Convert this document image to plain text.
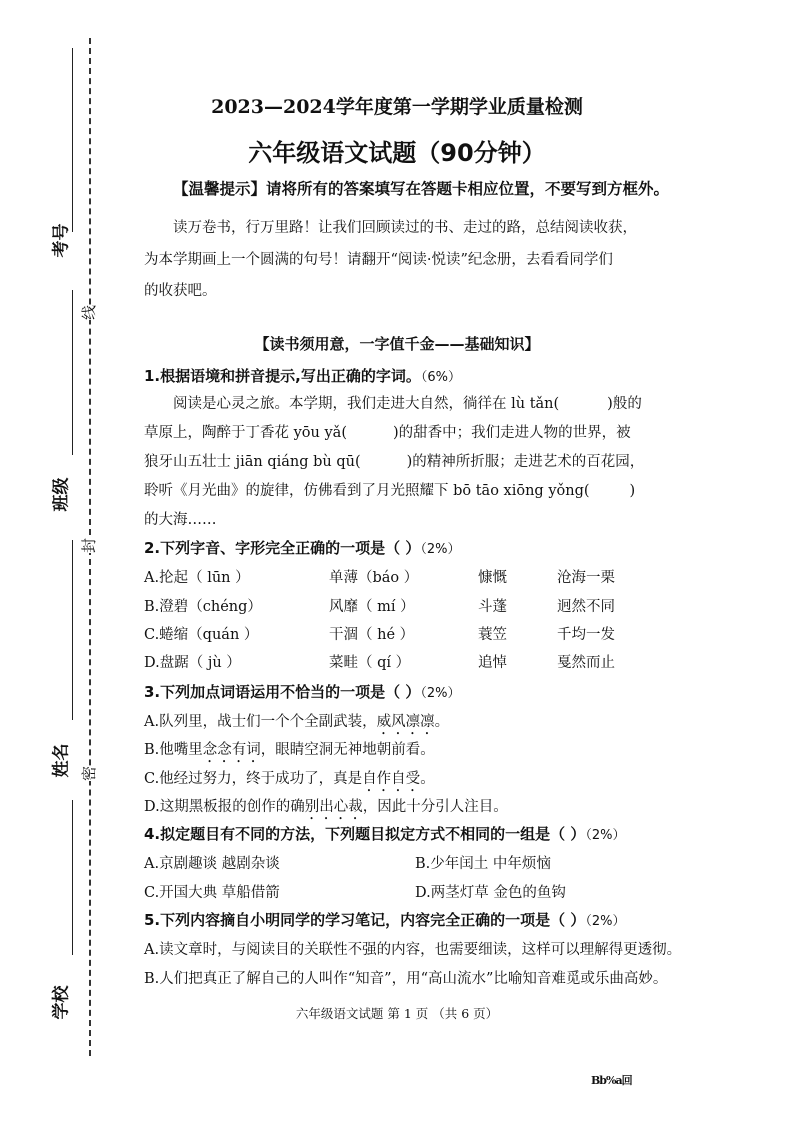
考号
班级
姓名
学校
线
封
密
2023—2024学年度第一学期学业质量检测
六年级语文试题（90分钟）
【温馨提示】请将所有的答案填写在答题卡相应位置，不要写到方框外。
读万卷书，行万里路！让我们回顾读过的书、走过的路，总结阅读收获，
为本学期画上一个圆满的句号！请翻开“阅读·悦读”纪念册，去看看同学们
的收获吧。
【读书须用意，一字值千金——基础知识】
1.根据语境和拼音提示,写出正确的字词。（6%）
阅读是心灵之旅。本学期，我们走进大自然，徜徉在 lù tǎn(	)般的
草原上，陶醉于丁香花 yōu yǎ(	)的甜香中；我们走进人物的世界，被
狼牙山五壮士 jiān qiáng bù qū(	)的精神所折服；走进艺术的百花园，
聆听《月光曲》的旋律，仿佛看到了月光照耀下 bō tāo xiōng yǒng(	)
的大海……
2.下列字音、字形完全正确的一项是（ ）（2%）
A.抡起（ lūn ）	单薄（báo ）	慷慨	沧海一栗
B.澄碧（chéng）	风靡（ mí ）	斗蓬	迥然不同
C.蜷缩（quán ）	干涸（ hé ）	蓑笠	千均一发
D.盘踞（ jù ）	菜畦（ qí ）	追悼	戛然而止
3.下列加点词语运用不恰当的一项是（ ）（2%）
A.队列里，战士们一个个全副武装，威风凛凛。
B.他嘴里念念有词，眼睛空洞无神地朝前看。
C.他经过努力，终于成功了，真是自作自受。
D.这期黑板报的创作的确别出心裁，因此十分引人注目。
4.拟定题目有不同的方法，下列题目拟定方式不相同的一组是（ ）（2%）
A.京剧趣谈 越剧杂谈	B.少年闰土 中年烦恼
C.开国大典 草船借箭	D.两茎灯草 金色的鱼钩
5.下列内容摘自小明同学的学习笔记，内容完全正确的一项是（ ）（2%）
A.读文章时，与阅读目的关联性不强的内容，也需要细读，这样可以理解得更透彻。
B.人们把真正了解自己的人叫作“知音”，用“高山流水”比喻知音难觅或乐曲高妙。
六年级语文试题 第 1 页 （共 6 页）
Bb%a回
